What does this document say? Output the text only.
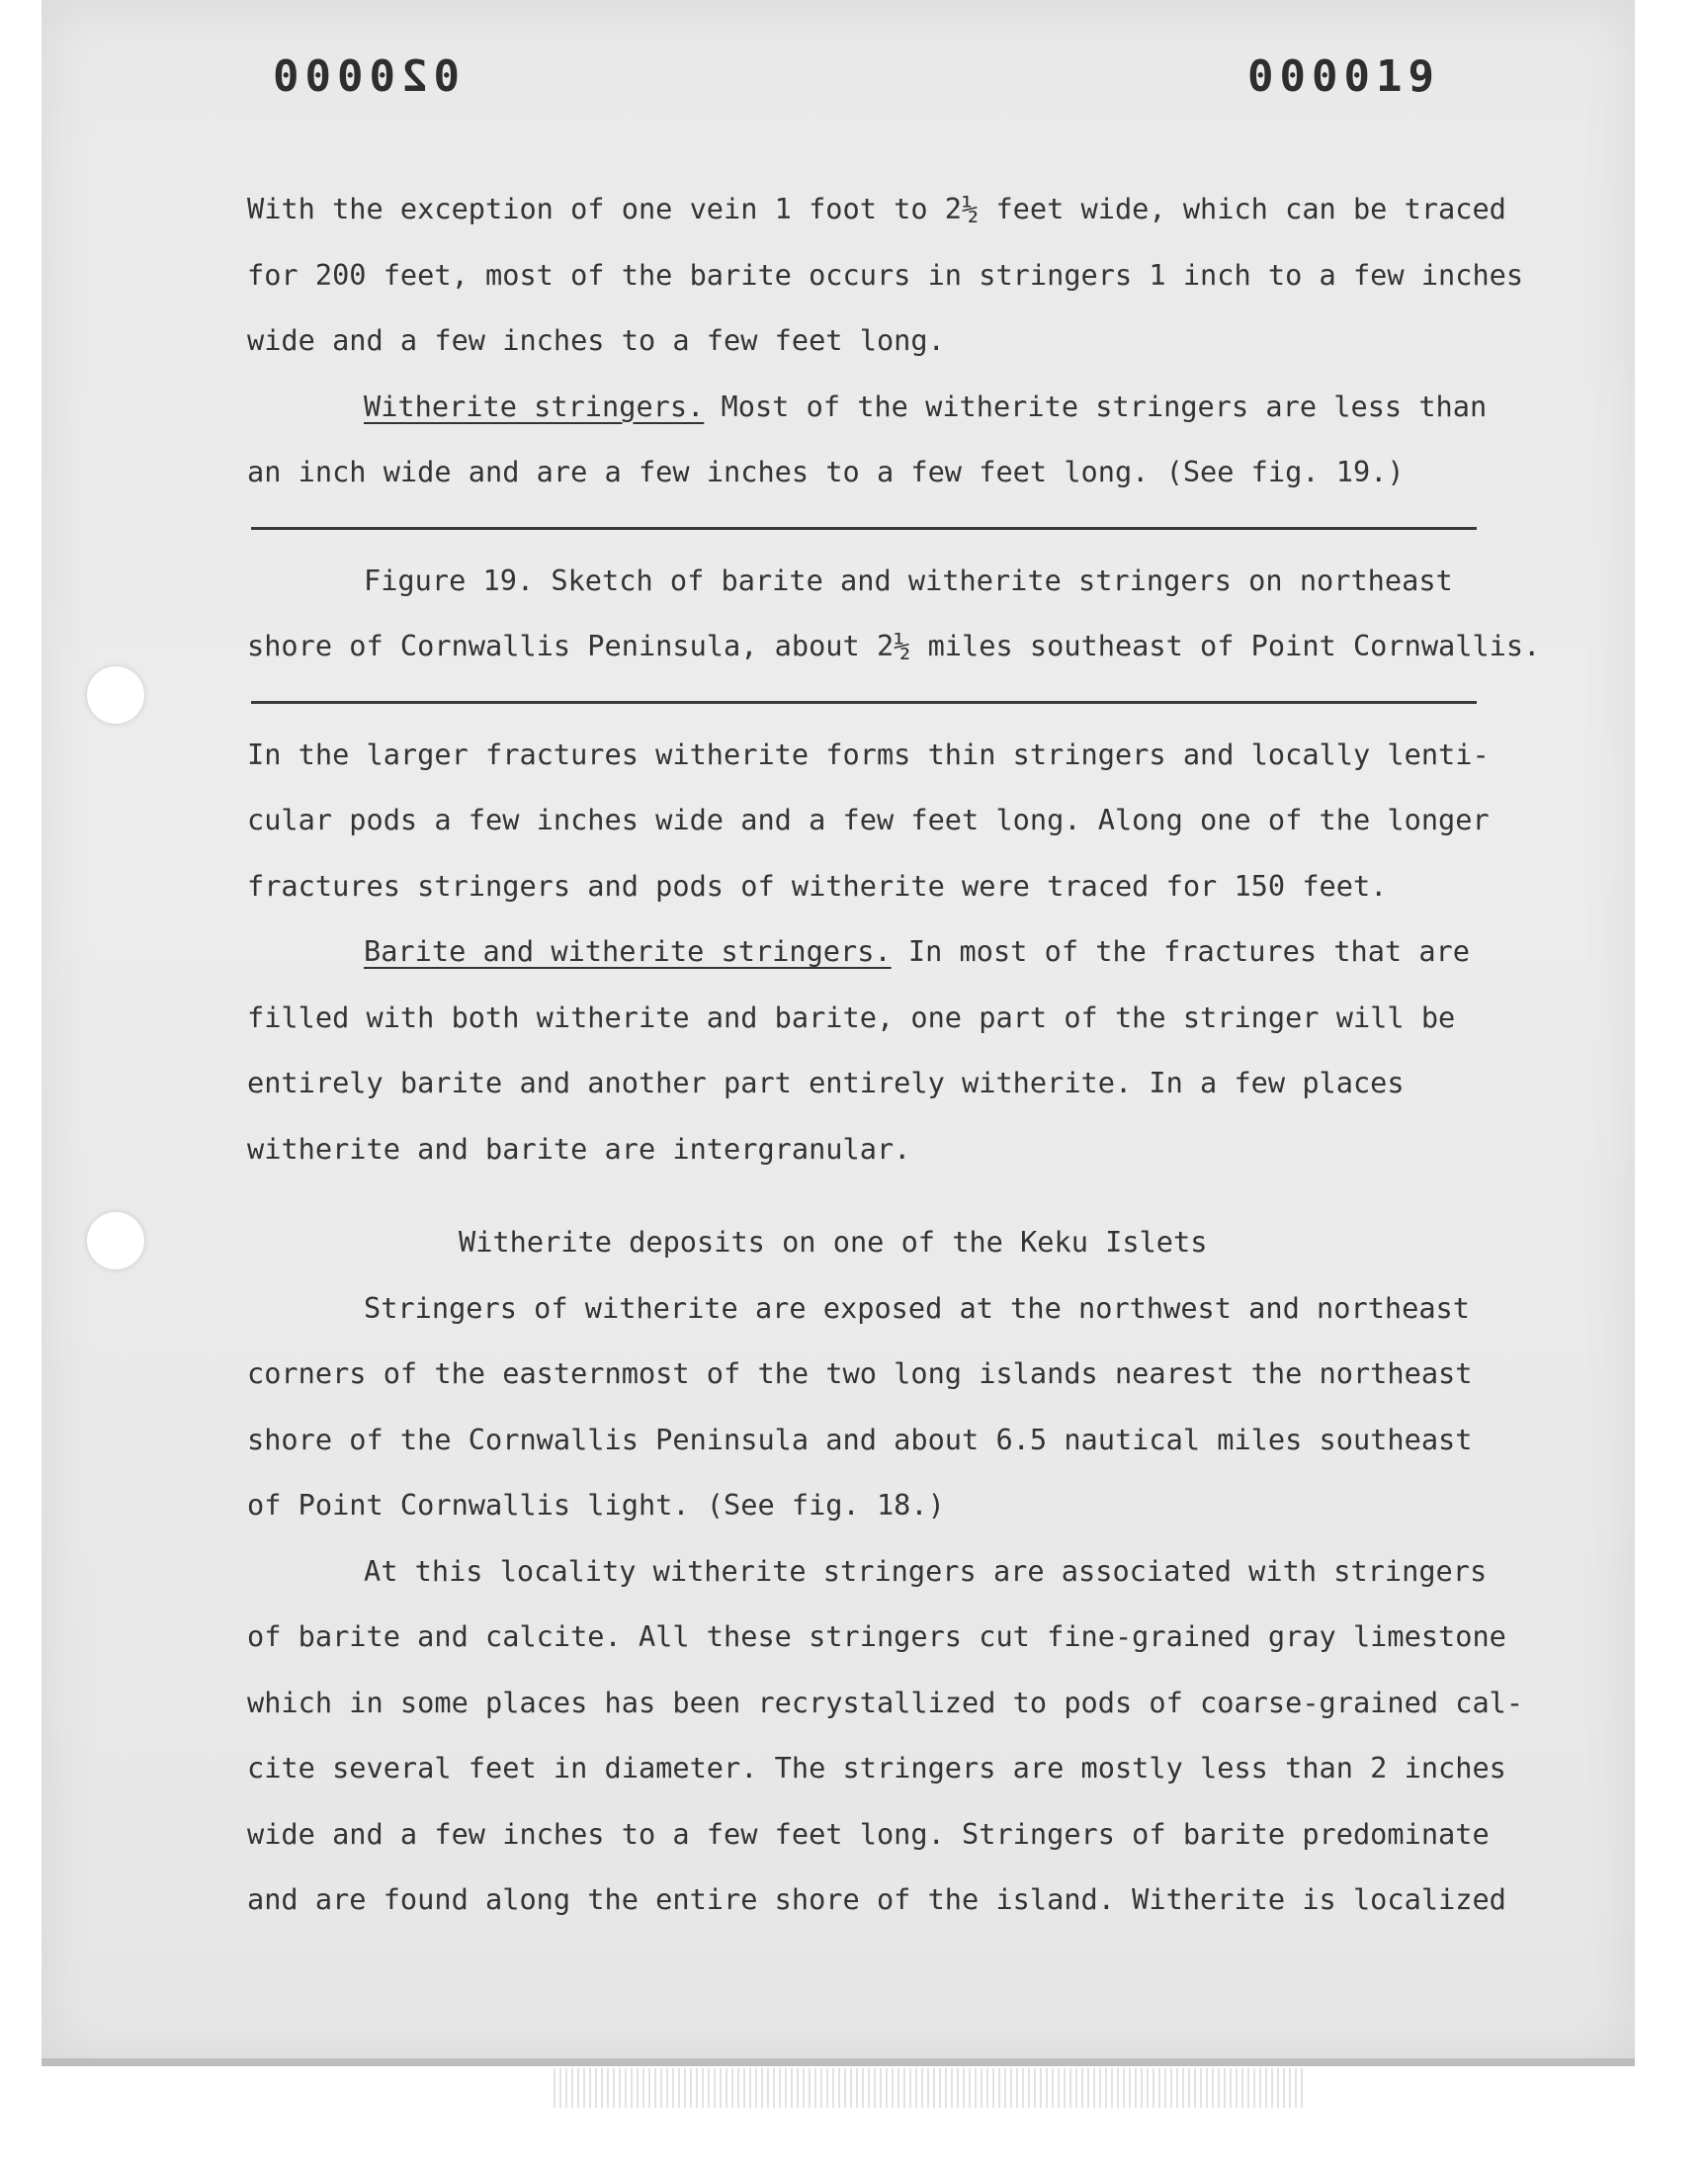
020000	000019
With the exception of one vein 1 foot to 2½ feet wide, which can be traced
for 200 feet, most of the barite occurs in stringers 1 inch to a few inches
wide and a few inches to a few feet long.
Witherite stringers. Most of the witherite stringers are less than
an inch wide and are a few inches to a few feet long. (See fig. 19.)
Figure 19. Sketch of barite and witherite stringers on northeast
shore of Cornwallis Peninsula, about 2½ miles southeast of Point Cornwallis.
In the larger fractures witherite forms thin stringers and locally lenti-
cular pods a few inches wide and a few feet long. Along one of the longer
fractures stringers and pods of witherite were traced for 150 feet.
Barite and witherite stringers. In most of the fractures that are
filled with both witherite and barite, one part of the stringer will be
entirely barite and another part entirely witherite. In a few places
witherite and barite are intergranular.
Witherite deposits on one of the Keku Islets
Stringers of witherite are exposed at the northwest and northeast
corners of the easternmost of the two long islands nearest the northeast
shore of the Cornwallis Peninsula and about 6.5 nautical miles southeast
of Point Cornwallis light. (See fig. 18.)
At this locality witherite stringers are associated with stringers
of barite and calcite. All these stringers cut fine-grained gray limestone
which in some places has been recrystallized to pods of coarse-grained cal-
cite several feet in diameter. The stringers are mostly less than 2 inches
wide and a few inches to a few feet long. Stringers of barite predominate
and are found along the entire shore of the island. Witherite is localized
